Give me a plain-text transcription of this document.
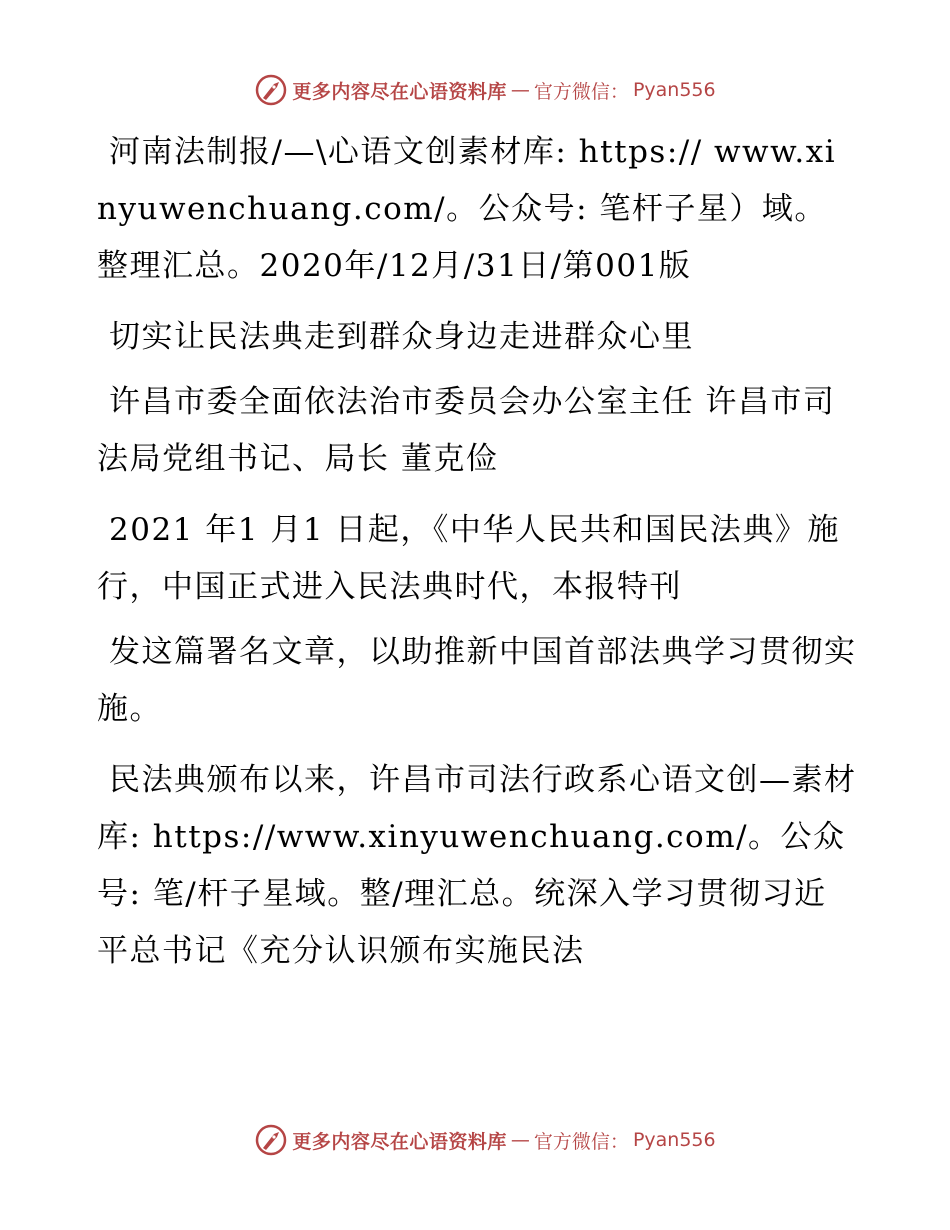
更多内容尽在心语资料库 — 官方微信： Pyan556

河南法制报/—\心语文创素材库: https:// www.xinyuwenchuang.com/。公众号: 笔杆子星）域。整理汇总。2020年/12月/31日/第001版

切实让民法典走到群众身边走进群众心里

许昌市委全面依法治市委员会办公室主任 许昌市司法局党组书记、局长 董克俭

2021 年1 月1 日起，《中华人民共和国民法典》施行，中国正式进入民法典时代，本报特刊

发这篇署名文章，以助推新中国首部法典学习贯彻实施。

民法典颁布以来，许昌市司法行政系心语文创—素材库: https://www.xinyuwenchuang.com/。公众号: 笔/杆子星域。整/理汇总。统深入学习贯彻习近平总书记《充分认识颁布实施民法

更多内容尽在心语资料库 — 官方微信： Pyan556
